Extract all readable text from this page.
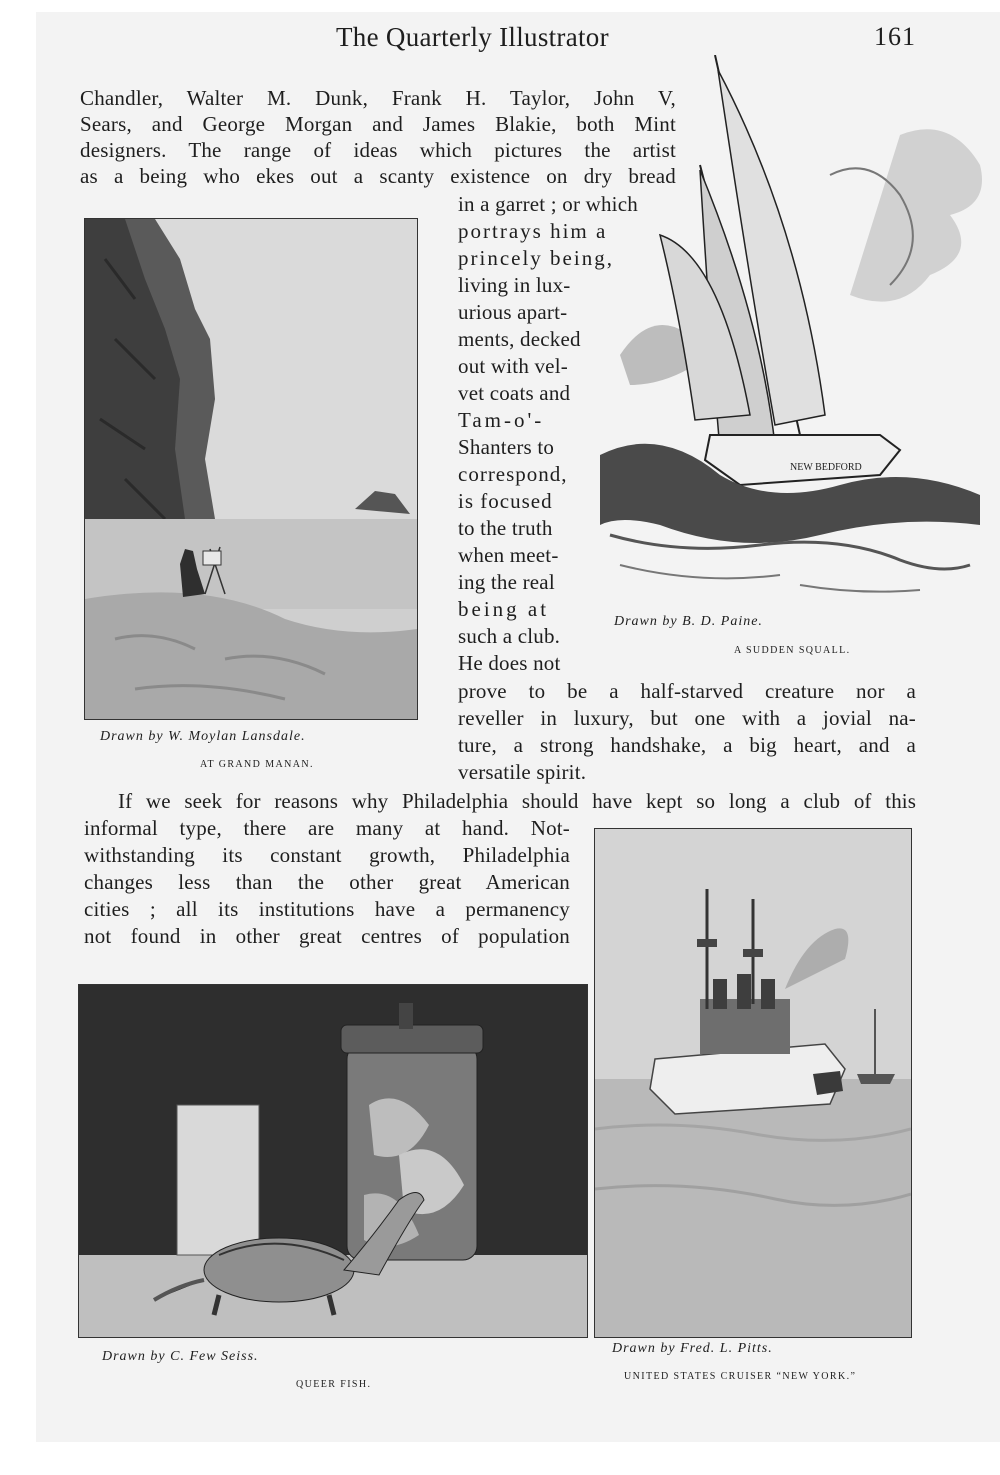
The Quarterly Illustrator	161
Chandler, Walter M. Dunk, Frank H. Taylor, John V,
Sears, and George Morgan and James Blakie, both Mint
designers. The range of ideas which pictures the artist
as a being who ekes out a scanty existence on dry bread
in a garret ; or which
portrays him a
princely being,
living in lux-
urious apart-
ments, decked
out with vel-
vet coats and
Tam-o'-
Shanters to
correspond,
is focused
to the truth
when meet-
ing the real
being at
such a club.
He does not
prove to be a half-starved creature nor a
reveller in luxury, but one with a jovial na-
ture, a strong handshake, a big heart, and a
versatile spirit.
If we seek for reasons why Philadelphia should have kept so long a club of this
informal type, there are many at hand. Not-
withstanding its constant growth, Philadelphia
changes less than the other great American
cities ; all its institutions have a permanency
not found in other great centres of population
Drawn by W. Moylan Lansdale.
AT GRAND MANAN.
NEW BEDFORD
Drawn by B. D. Paine.
A SUDDEN SQUALL.
Drawn by C. Few Seiss.
QUEER FISH.
Drawn by Fred. L. Pitts.
UNITED STATES CRUISER “NEW YORK.”
